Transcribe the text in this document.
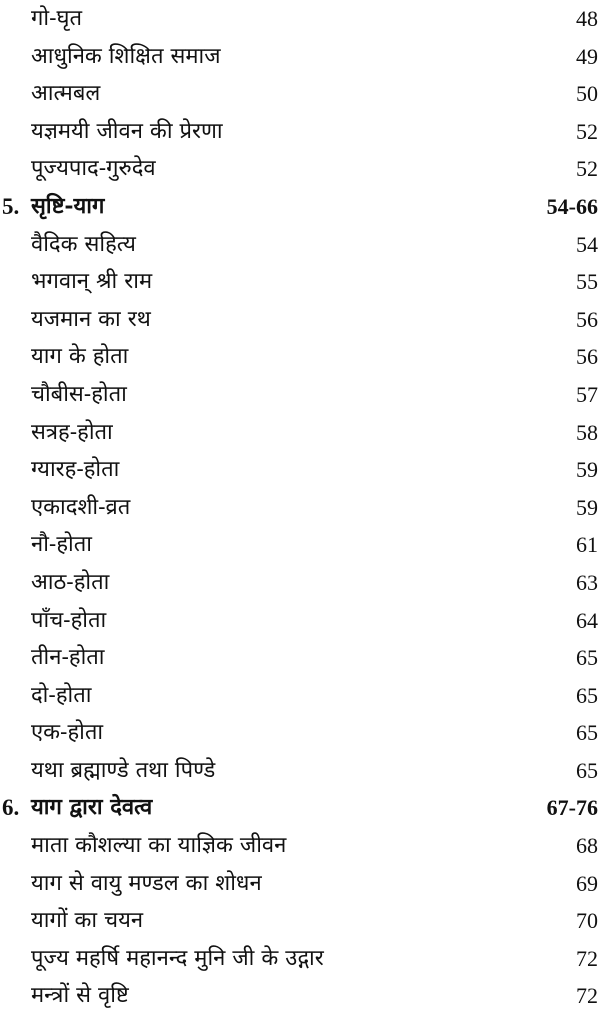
गो-घृत	48
आधुनिक शिक्षित समाज	49
आत्मबल	50
यज्ञमयी जीवन की प्रेरणा	52
पूज्यपाद-गुरुदेव	52
5. सृष्टि-याग	54-66
वैदिक सहित्य	54
भगवान् श्री राम	55
यजमान का रथ	56
याग के होता	56
चौबीस-होता	57
सत्रह-होता	58
ग्यारह-होता	59
एकादशी-व्रत	59
नौ-होता	61
आठ-होता	63
पाँच-होता	64
तीन-होता	65
दो-होता	65
एक-होता	65
यथा ब्रह्माण्डे तथा पिण्डे	65
6. याग द्वारा देवत्व	67-76
माता कौशल्या का याज्ञिक जीवन	68
याग से वायु मण्डल का शोधन	69
यागों का चयन	70
पूज्य महर्षि महानन्द मुनि जी के उद्गार	72
मन्त्रों से वृष्टि	72
